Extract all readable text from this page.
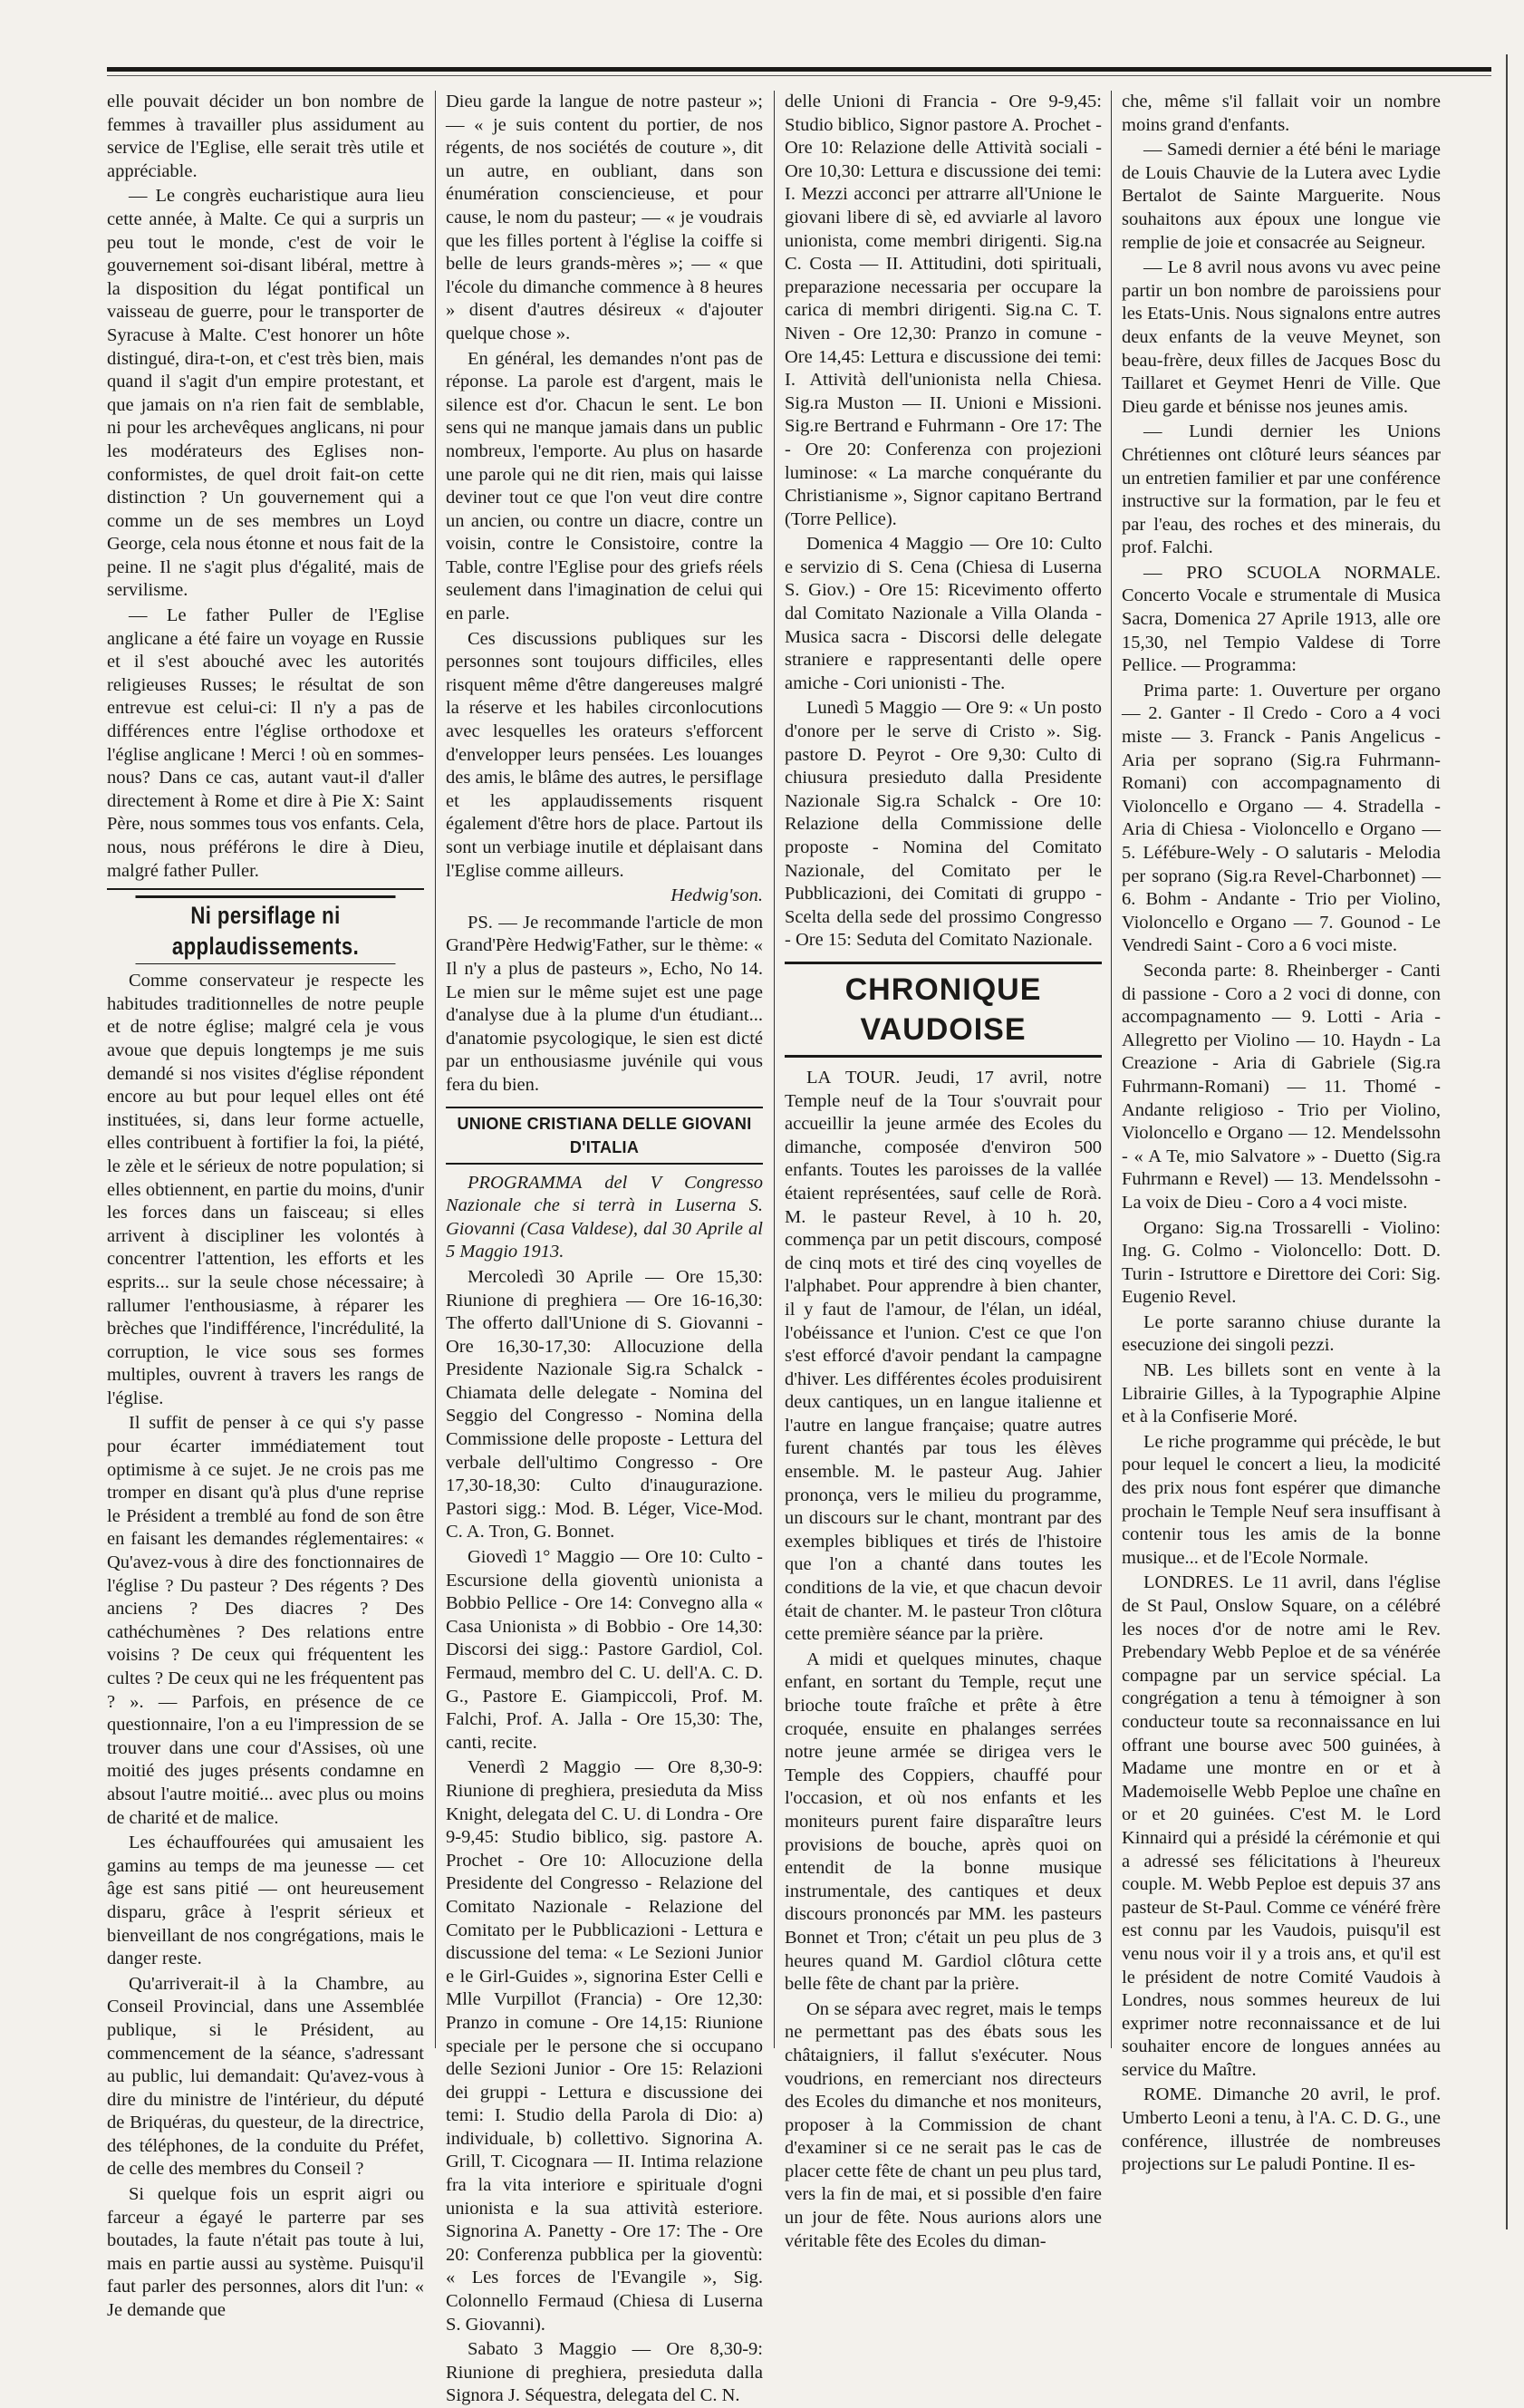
elle pouvait décider un bon nombre de femmes à travailler plus assidument au service de l'Eglise, elle serait très utile et appréciable.

— Le congrès eucharistique aura lieu cette année, à Malte. Ce qui a surpris un peu tout le monde, c'est de voir le gouvernement soi-disant libéral, mettre à la disposition du légat pontifical un vaisseau de guerre, pour le transporter de Syracuse à Malte. C'est honorer un hôte distingué, dira-t-on, et c'est très bien, mais quand il s'agit d'un empire protestant, et que jamais on n'a rien fait de semblable, ni pour les archevêques anglicans, ni pour les modérateurs des Eglises non-conformistes, de quel droit fait-on cette distinction ? Un gouvernement qui a comme un de ses membres un Loyd George, cela nous étonne et nous fait de la peine. Il ne s'agit plus d'égalité, mais de servilisme.

— Le father Puller de l'Eglise anglicane a été faire un voyage en Russie et il s'est abouché avec les autorités religieuses Russes; le résultat de son entrevue est celui-ci: Il n'y a pas de différences entre l'église orthodoxe et l'église anglicane ! Merci ! où en sommes-nous? Dans ce cas, autant vaut-il d'aller directement à Rome et dire à Pie X: Saint Père, nous sommes tous vos enfants. Cela, nous, nous préférons le dire à Dieu, malgré father Puller.

Ni persiflage ni applaudissements.

Comme conservateur je respecte les habitudes traditionnelles de notre peuple et de notre église; malgré cela je vous avoue que depuis longtemps je me suis demandé si nos visites d'église répondent encore au but pour lequel elles ont été instituées, si, dans leur forme actuelle, elles contribuent à fortifier la foi, la piété, le zèle et le sérieux de notre population; si elles obtiennent, en partie du moins, d'unir les forces dans un faisceau; si elles arrivent à discipliner les volontés à concentrer l'attention, les efforts et les esprits... sur la seule chose nécessaire; à rallumer l'enthousiasme, à réparer les brèches que l'indifférence, l'incrédulité, la corruption, le vice sous ses formes multiples, ouvrent à travers les rangs de l'église.

Il suffit de penser à ce qui s'y passe pour écarter immédiatement tout optimisme à ce sujet. Je ne crois pas me tromper en disant qu'à plus d'une reprise le Président a tremblé au fond de son être en faisant les demandes réglementaires: « Qu'avez-vous à dire des fonctionnaires de l'église ? Du pasteur ? Des régents ? Des anciens ? Des diacres ? Des cathéchumènes ? Des relations entre voisins ? De ceux qui fréquentent les cultes ? De ceux qui ne les fréquentent pas ? ». — Parfois, en présence de ce questionnaire, l'on a eu l'impression de se trouver dans une cour d'Assises, où une moitié des juges présents condamne en absout l'autre moitié... avec plus ou moins de charité et de malice.

Les échauffourées qui amusaient les gamins au temps de ma jeunesse — cet âge est sans pitié — ont heureusement disparu, grâce à l'esprit sérieux et bienveillant de nos congrégations, mais le danger reste.

Qu'arriverait-il à la Chambre, au Conseil Provincial, dans une Assemblée publique, si le Président, au commencement de la séance, s'adressant au public, lui demandait: Qu'avez-vous à dire du ministre de l'intérieur, du député de Briquéras, du questeur, de la directrice, des téléphones, de la conduite du Préfet, de celle des membres du Conseil ?

Si quelque fois un esprit aigri ou farceur a égayé le parterre par ses boutades, la faute n'était pas toute à lui, mais en partie aussi au système. Puisqu'il faut parler des personnes, alors dit l'un: « Je demande que

Dieu garde la langue de notre pasteur »; — « je suis content du portier, de nos régents, de nos sociétés de couture », dit un autre, en oubliant, dans son énumération consciencieuse, et pour cause, le nom du pasteur; — « je voudrais que les filles portent à l'église la coiffe si belle de leurs grands-mères »; — « que l'école du dimanche commence à 8 heures » disent d'autres désireux « d'ajouter quelque chose ».

En général, les demandes n'ont pas de réponse. La parole est d'argent, mais le silence est d'or. Chacun le sent. Le bon sens qui ne manque jamais dans un public nombreux, l'emporte. Au plus on hasarde une parole qui ne dit rien, mais qui laisse deviner tout ce que l'on veut dire contre un ancien, ou contre un diacre, contre un voisin, contre le Consistoire, contre la Table, contre l'Eglise pour des griefs réels seulement dans l'imagination de celui qui en parle.

Ces discussions publiques sur les personnes sont toujours difficiles, elles risquent même d'être dangereuses malgré la réserve et les habiles circonlocutions avec lesquelles les orateurs s'efforcent d'envelopper leurs pensées. Les louanges des amis, le blâme des autres, le persiflage et les applaudissements risquent également d'être hors de place. Partout ils sont un verbiage inutile et déplaisant dans l'Eglise comme ailleurs.

Hedwig'son.

PS. — Je recommande l'article de mon Grand'Père Hedwig'Father, sur le thème: « Il n'y a plus de pasteurs », Echo, No 14. Le mien sur le même sujet est une page d'analyse due à la plume d'un étudiant... d'anatomie psycologique, le sien est dicté par un enthousiasme juvénile qui vous fera du bien.

UNIONE CRISTIANA DELLE GIOVANI D'ITALIA

PROGRAMMA del V Congresso Nazionale che si terrà in Luserna S. Giovanni (Casa Valdese), dal 30 Aprile al 5 Maggio 1913.

Mercoledì 30 Aprile — Ore 15,30: Riunione di preghiera — Ore 16-16,30: The offerto dall'Unione di S. Giovanni - Ore 16,30-17,30: Allocuzione della Presidente Nazionale Sig.ra Schalck - Chiamata delle delegate - Nomina del Seggio del Congresso - Nomina della Commissione delle proposte - Lettura del verbale dell'ultimo Congresso - Ore 17,30-18,30: Culto d'inaugurazione. Pastori sigg.: Mod. B. Léger, Vice-Mod. C. A. Tron, G. Bonnet.

Giovedì 1° Maggio — Ore 10: Culto - Escursione della gioventù unionista a Bobbio Pellice - Ore 14: Convegno alla « Casa Unionista » di Bobbio - Ore 14,30: Discorsi dei sigg.: Pastore Gardiol, Col. Fermaud, membro del C. U. dell'A. C. D. G., Pastore E. Giampiccoli, Prof. M. Falchi, Prof. A. Jalla - Ore 15,30: The, canti, recite.

Venerdì 2 Maggio — Ore 8,30-9: Riunione di preghiera, presieduta da Miss Knight, delegata del C. U. di Londra - Ore 9-9,45: Studio biblico, sig. pastore A. Prochet - Ore 10: Allocuzione della Presidente del Congresso - Relazione del Comitato Nazionale - Relazione del Comitato per le Pubblicazioni - Lettura e discussione del tema: « Le Sezioni Junior e le Girl-Guides », signorina Ester Celli e Mlle Vurpillot (Francia) - Ore 12,30: Pranzo in comune - Ore 14,15: Riunione speciale per le persone che si occupano delle Sezioni Junior - Ore 15: Relazioni dei gruppi - Lettura e discussione dei temi: I. Studio della Parola di Dio: a) individuale, b) collettivo. Signorina A. Grill, T. Cicognara — II. Intima relazione fra la vita interiore e spirituale d'ogni unionista e la sua attività esteriore. Signorina A. Panetty - Ore 17: The - Ore 20: Conferenza pubblica per la gioventù: « Les forces de l'Evangile », Sig. Colonnello Fermaud (Chiesa di Luserna S. Giovanni).

Sabato 3 Maggio — Ore 8,30-9: Riunione di preghiera, presieduta dalla Signora J. Séquestra, delegata del C. N.

delle Unioni di Francia - Ore 9-9,45: Studio biblico, Signor pastore A. Prochet - Ore 10: Relazione delle Attività sociali - Ore 10,30: Lettura e discussione dei temi: I. Mezzi acconci per attrarre all'Unione le giovani libere di sè, ed avviarle al lavoro unionista, come membri dirigenti. Sig.na C. Costa — II. Attitudini, doti spirituali, preparazione necessaria per occupare la carica di membri dirigenti. Sig.na C. T. Niven - Ore 12,30: Pranzo in comune - Ore 14,45: Lettura e discussione dei temi: I. Attività dell'unionista nella Chiesa. Sig.ra Muston — II. Unioni e Missioni. Sig.re Bertrand e Fuhrmann - Ore 17: The - Ore 20: Conferenza con projezioni luminose: « La marche conquérante du Christianisme », Signor capitano Bertrand (Torre Pellice).

Domenica 4 Maggio — Ore 10: Culto e servizio di S. Cena (Chiesa di Luserna S. Giov.) - Ore 15: Ricevimento offerto dal Comitato Nazionale a Villa Olanda - Musica sacra - Discorsi delle delegate straniere e rappresentanti delle opere amiche - Cori unionisti - The.

Lunedì 5 Maggio — Ore 9: « Un posto d'onore per le serve di Cristo ». Sig. pastore D. Peyrot - Ore 9,30: Culto di chiusura presieduto dalla Presidente Nazionale Sig.ra Schalck - Ore 10: Relazione della Commissione delle proposte - Nomina del Comitato Nazionale, del Comitato per le Pubblicazioni, dei Comitati di gruppo - Scelta della sede del prossimo Congresso - Ore 15: Seduta del Comitato Nazionale.

CHRONIQUE VAUDOISE

LA TOUR. Jeudi, 17 avril, notre Temple neuf de la Tour s'ouvrait pour accueillir la jeune armée des Ecoles du dimanche, composée d'environ 500 enfants. Toutes les paroisses de la vallée étaient représentées, sauf celle de Rorà. M. le pasteur Revel, à 10 h. 20, commença par un petit discours, composé de cinq mots et tiré des cinq voyelles de l'alphabet. Pour apprendre à bien chanter, il y faut de l'amour, de l'élan, un idéal, l'obéissance et l'union. C'est ce que l'on s'est efforcé d'avoir pendant la campagne d'hiver. Les différentes écoles produisirent deux cantiques, un en langue italienne et l'autre en langue française; quatre autres furent chantés par tous les élèves ensemble. M. le pasteur Aug. Jahier prononça, vers le milieu du programme, un discours sur le chant, montrant par des exemples bibliques et tirés de l'histoire que l'on a chanté dans toutes les conditions de la vie, et que chacun devoir était de chanter. M. le pasteur Tron clôtura cette première séance par la prière.

A midi et quelques minutes, chaque enfant, en sortant du Temple, reçut une brioche toute fraîche et prête à être croquée, ensuite en phalanges serrées notre jeune armée se dirigea vers le Temple des Coppiers, chauffé pour l'occasion, et où nos enfants et les moniteurs purent faire disparaître leurs provisions de bouche, après quoi on entendit de la bonne musique instrumentale, des cantiques et deux discours prononcés par MM. les pasteurs Bonnet et Tron; c'était un peu plus de 3 heures quand M. Gardiol clôtura cette belle fête de chant par la prière.

On se sépara avec regret, mais le temps ne permettant pas des ébats sous les châtaigniers, il fallut s'exécuter. Nous voudrions, en remerciant nos directeurs des Ecoles du dimanche et nos moniteurs, proposer à la Commission de chant d'examiner si ce ne serait pas le cas de placer cette fête de chant un peu plus tard, vers la fin de mai, et si possible d'en faire un jour de fête. Nous aurions alors une véritable fête des Ecoles du diman-

che, même s'il fallait voir un nombre moins grand d'enfants.

— Samedi dernier a été béni le mariage de Louis Chauvie de la Lutera avec Lydie Bertalot de Sainte Marguerite. Nous souhaitons aux époux une longue vie remplie de joie et consacrée au Seigneur.

— Le 8 avril nous avons vu avec peine partir un bon nombre de paroissiens pour les Etats-Unis. Nous signalons entre autres deux enfants de la veuve Meynet, son beau-frère, deux filles de Jacques Bosc du Taillaret et Geymet Henri de Ville. Que Dieu garde et bénisse nos jeunes amis.

— Lundi dernier les Unions Chrétiennes ont clôturé leurs séances par un entretien familier et par une conférence instructive sur la formation, par le feu et par l'eau, des roches et des minerais, du prof. Falchi.

— PRO SCUOLA NORMALE. Concerto Vocale e strumentale di Musica Sacra, Domenica 27 Aprile 1913, alle ore 15,30, nel Tempio Valdese di Torre Pellice. — Programma:

Prima parte: 1. Ouverture per organo — 2. Ganter - Il Credo - Coro a 4 voci miste — 3. Franck - Panis Angelicus - Aria per soprano (Sig.ra Fuhrmann-Romani) con accompagnamento di Violoncello e Organo — 4. Stradella - Aria di Chiesa - Violoncello e Organo — 5. Léfébure-Wely - O salutaris - Melodia per soprano (Sig.ra Revel-Charbonnet) — 6. Bohm - Andante - Trio per Violino, Violoncello e Organo — 7. Gounod - Le Vendredi Saint - Coro a 6 voci miste.

Seconda parte: 8. Rheinberger - Canti di passione - Coro a 2 voci di donne, con accompagnamento — 9. Lotti - Aria - Allegretto per Violino — 10. Haydn - La Creazione - Aria di Gabriele (Sig.ra Fuhrmann-Romani) — 11. Thomé - Andante religioso - Trio per Violino, Violoncello e Organo — 12. Mendelssohn - « A Te, mio Salvatore » - Duetto (Sig.ra Fuhrmann e Revel) — 13. Mendelssohn - La voix de Dieu - Coro a 4 voci miste.

Organo: Sig.na Trossarelli - Violino: Ing. G. Colmo - Violoncello: Dott. D. Turin - Istruttore e Direttore dei Cori: Sig. Eugenio Revel.

Le porte saranno chiuse durante la esecuzione dei singoli pezzi.

NB. Les billets sont en vente à la Librairie Gilles, à la Typographie Alpine et à la Confiserie Moré.

Le riche programme qui précède, le but pour lequel le concert a lieu, la modicité des prix nous font espérer que dimanche prochain le Temple Neuf sera insuffisant à contenir tous les amis de la bonne musique... et de l'Ecole Normale.

LONDRES. Le 11 avril, dans l'église de St Paul, Onslow Square, on a célébré les noces d'or de notre ami le Rev. Prebendary Webb Peploe et de sa vénérée compagne par un service spécial. La congrégation a tenu à témoigner à son conducteur toute sa reconnaissance en lui offrant une bourse avec 500 guinées, à Madame une montre en or et à Mademoiselle Webb Peploe une chaîne en or et 20 guinées. C'est M. le Lord Kinnaird qui a présidé la cérémonie et qui a adressé ses félicitations à l'heureux couple. M. Webb Peploe est depuis 37 ans pasteur de St-Paul. Comme ce vénéré frère est connu par les Vaudois, puisqu'il est venu nous voir il y a trois ans, et qu'il est le président de notre Comité Vaudois à Londres, nous sommes heureux de lui exprimer notre reconnaissance et de lui souhaiter encore de longues années au service du Maître.

ROME. Dimanche 20 avril, le prof. Umberto Leoni a tenu, à l'A. C. D. G., une conférence, illustrée de nombreuses projections sur Le paludi Pontine. Il es-
